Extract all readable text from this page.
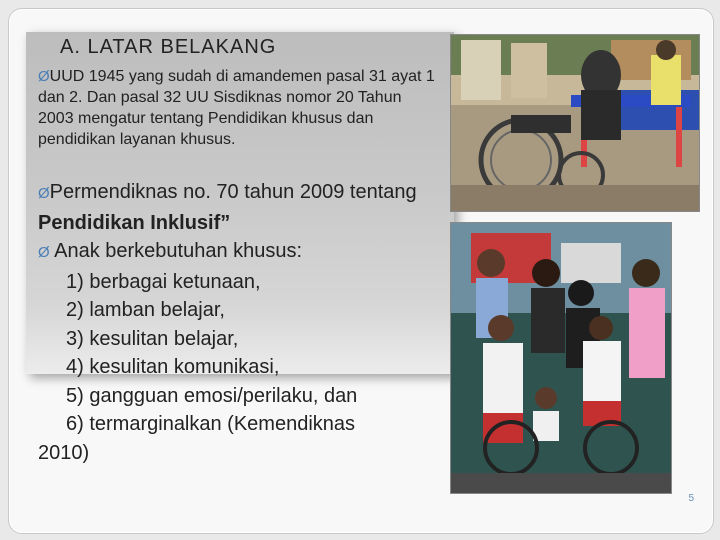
A. LATAR BELAKANG

ØUUD 1945 yang sudah di amandemen pasal 31 ayat 1 dan 2. Dan pasal 32 UU Sisdiknas nomor 20 Tahun 2003 mengatur tentang Pendidikan khusus dan pendidikan layanan khusus.

ØPermendiknas no. 70 tahun 2009 tentang Pendidikan Inklusif”
Ø Anak berkebutuhan khusus:
1) berbagai ketunaan,
2) lamban belajar,
3) kesulitan belajar,
4) kesulitan komunikasi,
5) gangguan emosi/perilaku, dan
6) termarginalkan (Kemendiknas
2010)
5
